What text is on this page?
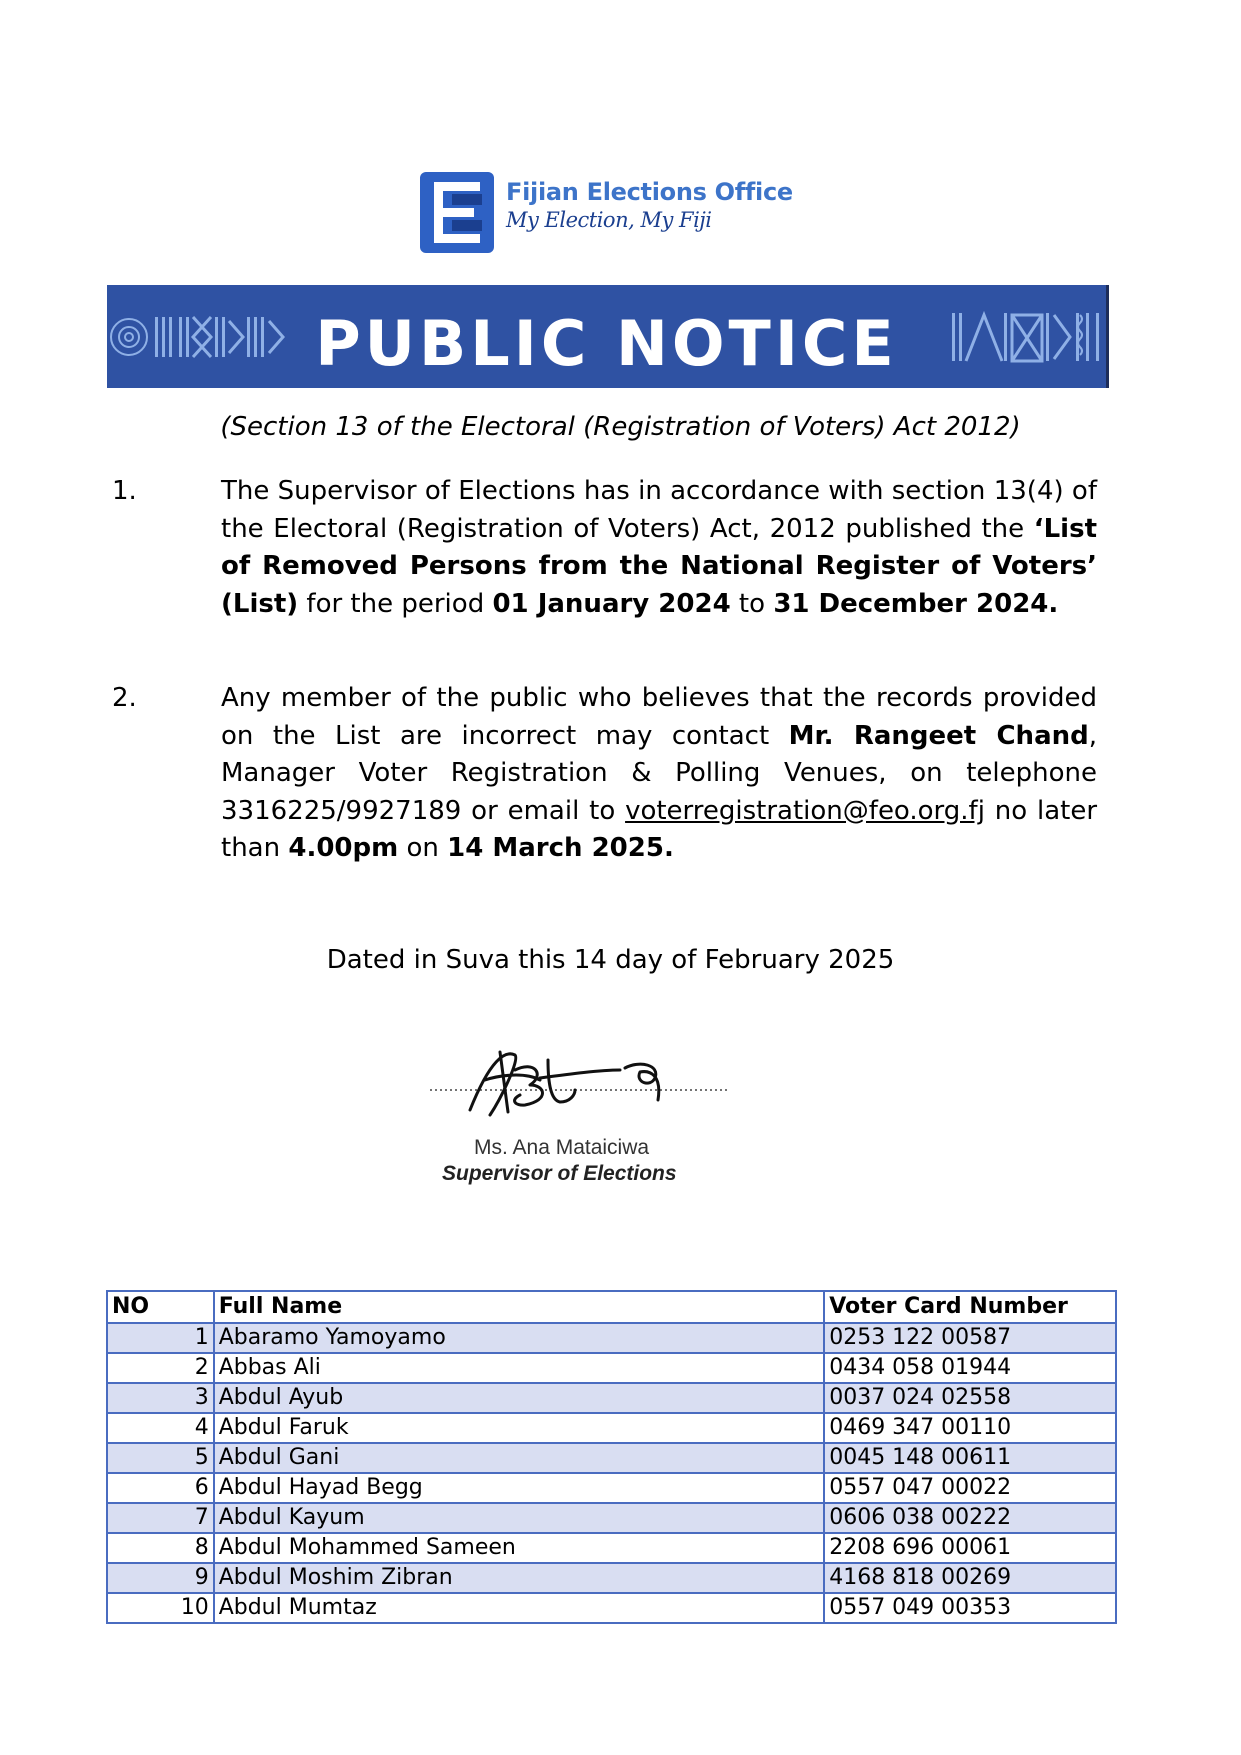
Fijian Elections Office
My Election, My Fiji
PUBLIC NOTICE
(Section 13 of the Electoral (Registration of Voters) Act 2012)
1.	The Supervisor of Elections has in accordance with section 13(4) of the Electoral (Registration of Voters) Act, 2012 published the ‘List of Removed Persons from the National Register of Voters’ (List) for the period 01 January 2024 to 31 December 2024.
2.	Any member of the public who believes that the records provided on the List are incorrect may contact Mr. Rangeet Chand, Manager Voter Registration & Polling Venues, on telephone 3316225/9927189 or email to voterregistration@feo.org.fj no later than 4.00pm on 14 March 2025.
Dated in Suva this 14 day of February 2025
Ms. Ana Mataiciwa
Supervisor of Elections
NO	Full Name	Voter Card Number
1	Abaramo Yamoyamo	0253 122 00587
2	Abbas Ali	0434 058 01944
3	Abdul Ayub	0037 024 02558
4	Abdul Faruk	0469 347 00110
5	Abdul Gani	0045 148 00611
6	Abdul Hayad Begg	0557 047 00022
7	Abdul Kayum	0606 038 00222
8	Abdul Mohammed Sameen	2208 696 00061
9	Abdul Moshim Zibran	4168 818 00269
10	Abdul Mumtaz	0557 049 00353
